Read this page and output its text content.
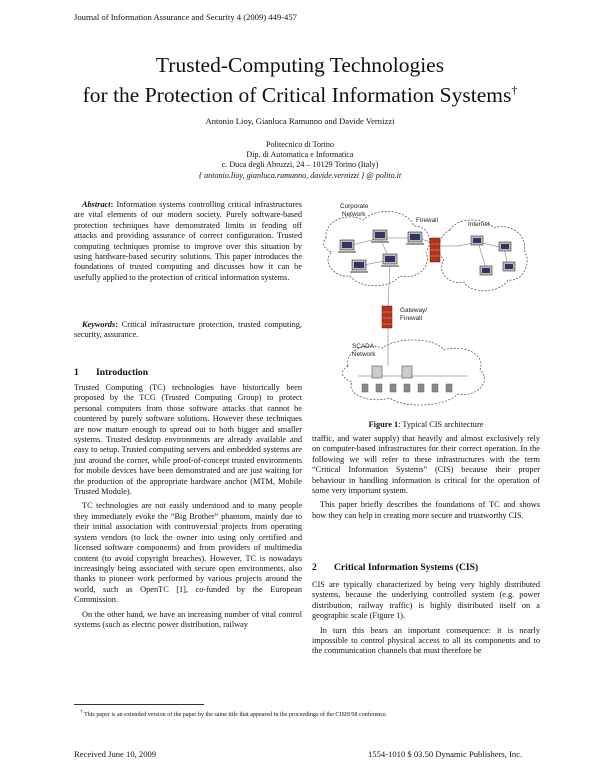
Journal of Information Assurance and Security 4 (2009) 449-457
Trusted-Computing Technologies
for the Protection of Critical Information Systems†
Antonio Lioy, Gianluca Ramunno and Davide Vernizzi
Politecnico di Torino
Dip. di Automatica e Informatica
c. Duca degli Abruzzi, 24 – 10129 Torino (Italy)
{ antonio.lioy, gianluca.ramunno, davide.vernizzi } @ polito.it

Abstract: Information systems controlling critical infrastructures are vital elements of our modern society. Purely software-based protection techniques have demonstrated limits in fending off attacks and providing assurance of correct configuration. Trusted computing techniques promise to improve over this situation by using hardware-based security solutions. This paper introduces the foundations of trusted computing and discusses how it can be usefully applied to the protection of critical information systems.

Keywords: Critical infrastructure protection, trusted computing, security, assurance.

1 Introduction

Trusted Computing (TC) technologies have historically been proposed by the TCG (Trusted Computing Group) to protect personal computers from those software attacks that cannot be countered by purely software solutions. However these techniques are now mature enough to spread out to both bigger and smaller systems. Trusted desktop environments are already available and easy to setup. Trusted computing servers and embedded systems are just around the corner, while proof-of-concept trusted environments for mobile devices have been demonstrated and are just waiting for the production of the appropriate hardware anchor (MTM, Mobile Trusted Module).

TC technologies are not easily understood and to many people they immediately evoke the “Big Brother” phantom, mainly due to their initial association with controversial projects from operating system vendors (to lock the owner into using only certified and licensed software components) and from providers of multimedia content (to avoid copyright breaches). However, TC is nowadays increasingly being associated with secure open environments, also thanks to pioneer work performed by various projects around the world, such as OpenTC [1], co-funded by the European Commission.

On the other hand, we have an increasing number of vital control systems (such as electric power distribution, railway

Corporate
Network
Firewall
Internet
Gateway/
Firewall
SCADA
Network
Figure 1: Typical CIS architecture

traffic, and water supply) that heavily and almost exclusively rely on computer-based infrastructures for their correct operation. In the following we will refer to these infrastructures with the term “Critical Information Systems” (CIS) because their proper behaviour in handling information is critical for the operation of some very important system.

This paper briefly describes the foundations of TC and shows how they can help in creating more secure and trustworthy CIS.

2 Critical Information Systems (CIS)

CIS are typically characterized by being very highly distributed systems, because the underlying controlled system (e.g. power distribution, railway traffic) is highly distributed itself on a geographic scale (Figure 1).

In turn this bears an important consequence: it is nearly impossible to control physical access to all its components and to the communication channels that must therefore be

† This paper is an extended version of the paper by the same title that appeared in the proceedings of the CISIS'08 conference.
Received June 10, 2009	1554-1010 $ 03.50 Dynamic Publishers, Inc.
